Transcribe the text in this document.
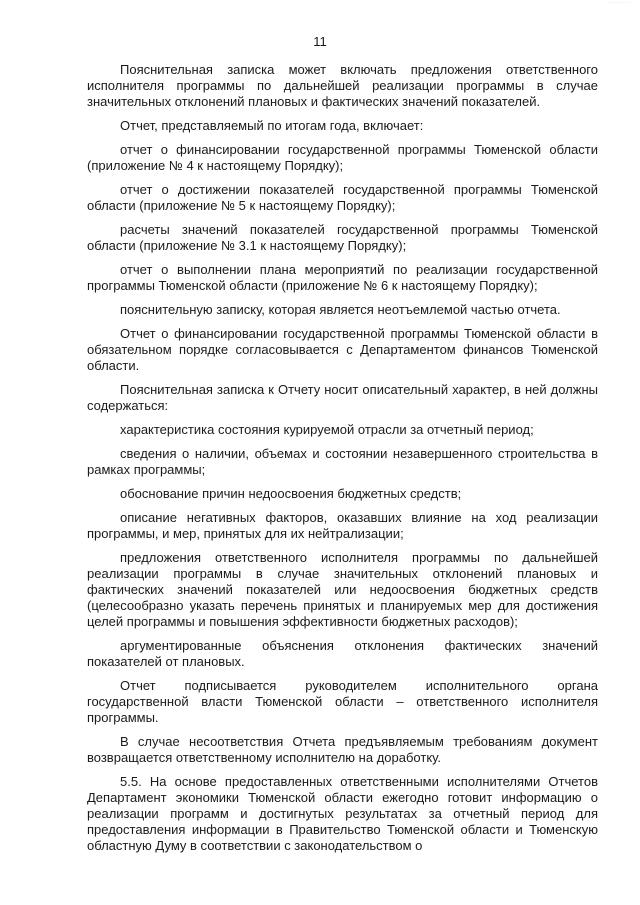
············
11

Пояснительная записка может включать предложения ответственного исполнителя программы по дальнейшей реализации программы в случае значительных отклонений плановых и фактических значений показателей.

Отчет, представляемый по итогам года, включает:

отчет о финансировании государственной программы Тюменской области (приложение № 4 к настоящему Порядку);

отчет о достижении показателей государственной программы Тюменской области (приложение № 5 к настоящему Порядку);

расчеты значений показателей государственной программы Тюменской области (приложение № 3.1 к настоящему Порядку);

отчет о выполнении плана мероприятий по реализации государственной программы Тюменской области (приложение № 6 к настоящему Порядку);

пояснительную записку, которая является неотъемлемой частью отчета.

Отчет о финансировании государственной программы Тюменской области в обязательном порядке согласовывается с Департаментом финансов Тюменской области.

Пояснительная записка к Отчету носит описательный характер, в ней должны содержаться:

характеристика состояния курируемой отрасли за отчетный период;

сведения о наличии, объемах и состоянии незавершенного строительства в рамках программы;

обоснование причин недоосвоения бюджетных средств;

описание негативных факторов, оказавших влияние на ход реализации программы, и мер, принятых для их нейтрализации;

предложения ответственного исполнителя программы по дальнейшей реализации программы в случае значительных отклонений плановых и фактических значений показателей или недоосвоения бюджетных средств (целесообразно указать перечень принятых и планируемых мер для достижения целей программы и повышения эффективности бюджетных расходов);

аргументированные объяснения отклонения фактических значений показателей от плановых.

Отчет подписывается руководителем исполнительного органа государственной власти Тюменской области – ответственного исполнителя программы.

В случае несоответствия Отчета предъявляемым требованиям документ возвращается ответственному исполнителю на доработку.

5.5. На основе предоставленных ответственными исполнителями Отчетов Департамент экономики Тюменской области ежегодно готовит информацию о реализации программ и достигнутых результатах за отчетный период для предоставления информации в Правительство Тюменской области и Тюменскую областную Думу в соответствии с законодательством о
